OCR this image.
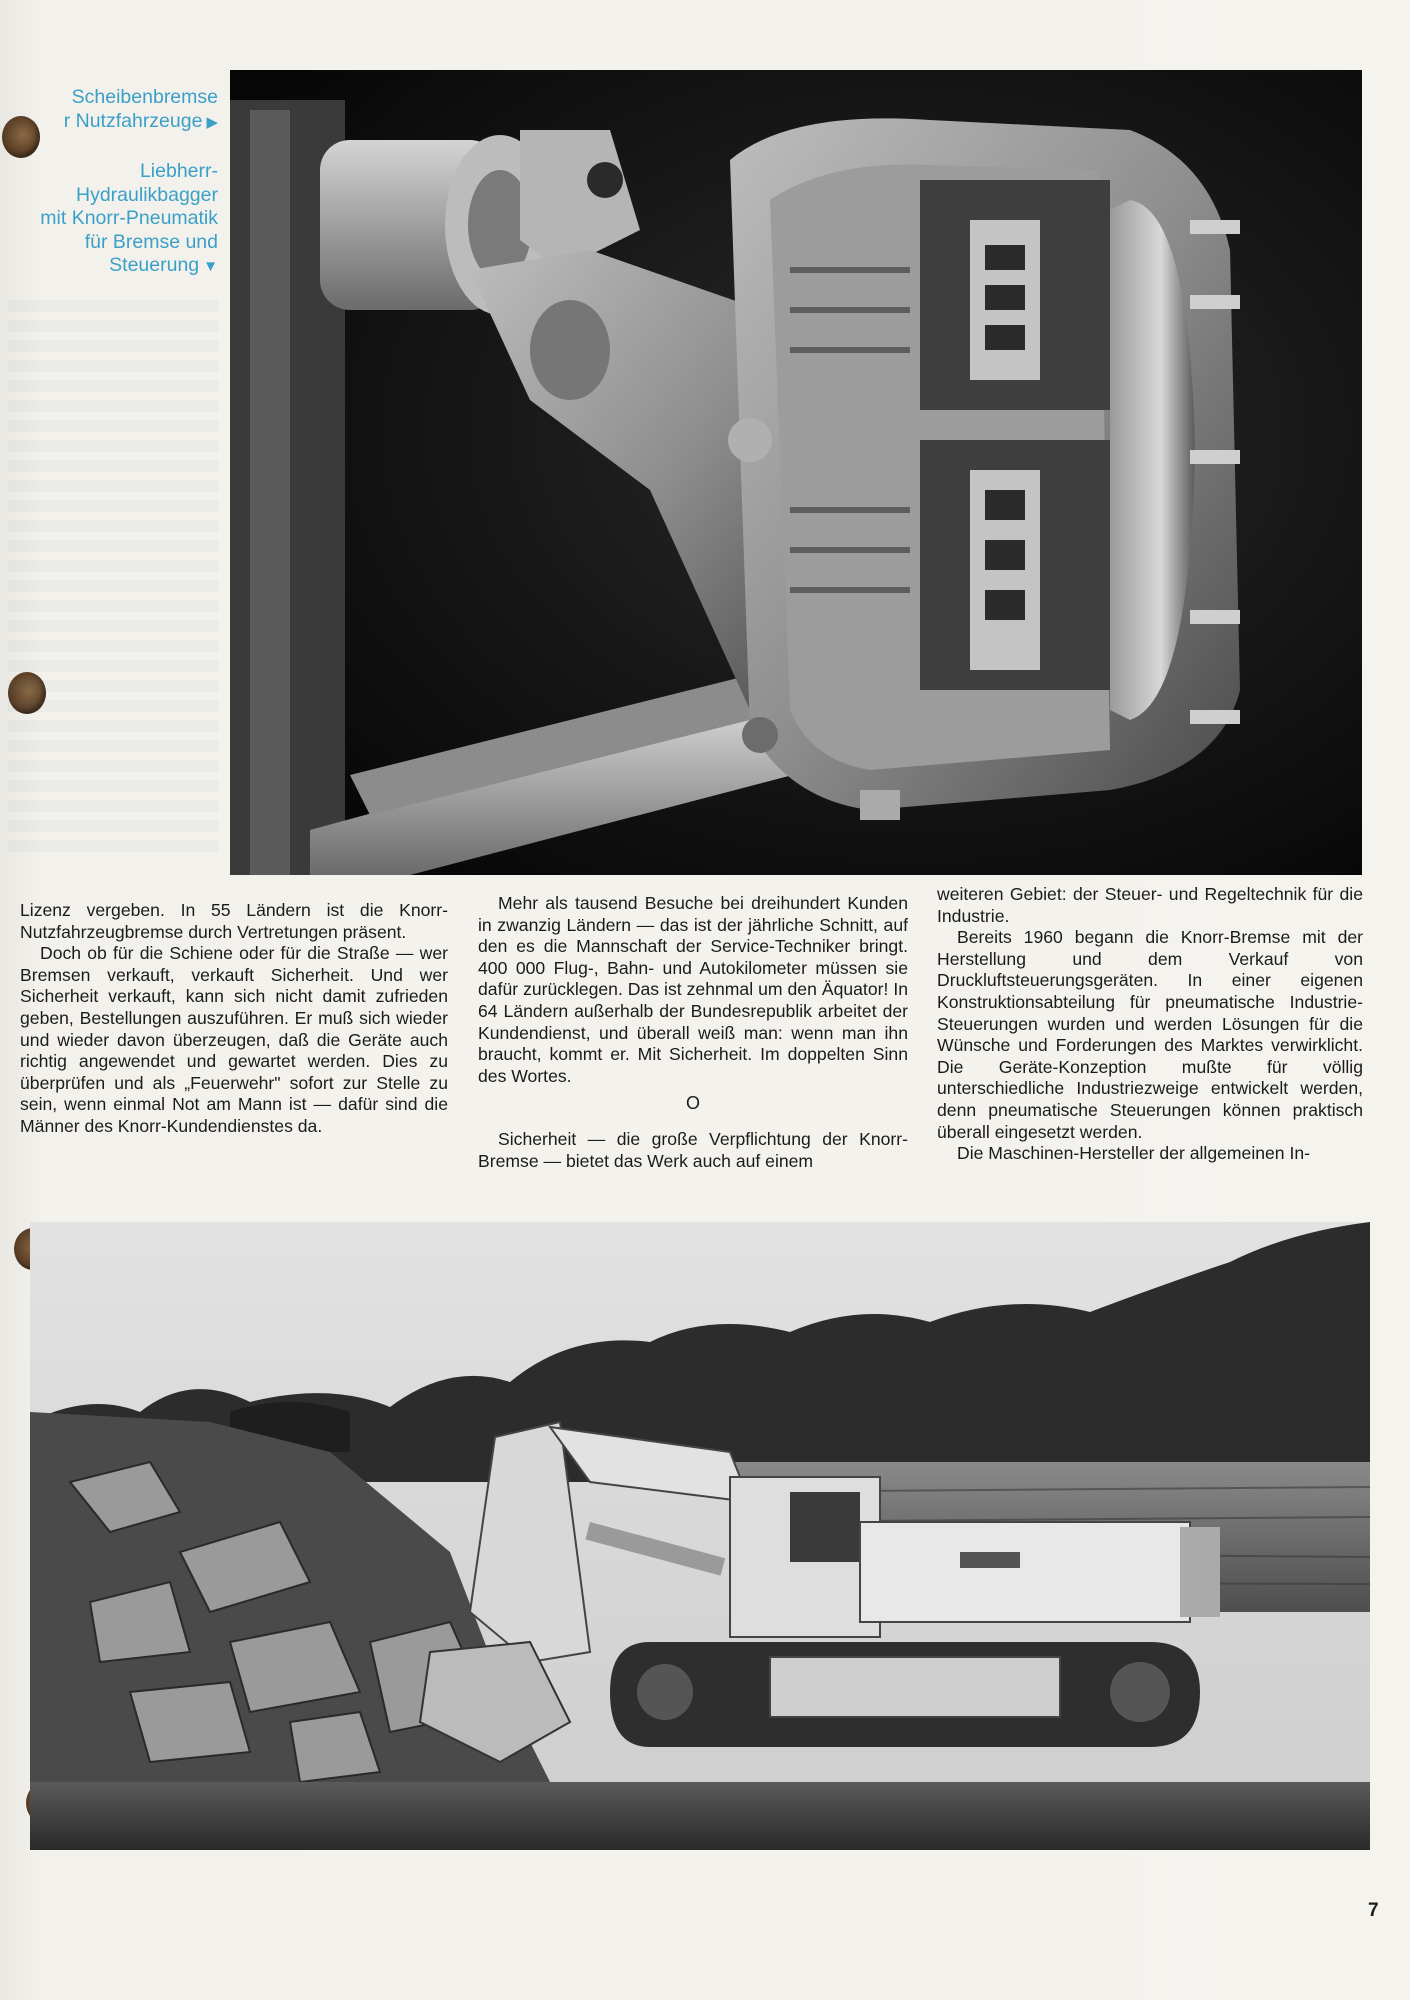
Scheibenbremse
r Nutzfahrzeuge ▶
Liebherr-
Hydraulikbagger
mit Knorr-Pneumatik
für Bremse und
Steuerung ▼

Lizenz vergeben. In 55 Ländern ist die Knorr-Nutzfahrzeugbremse durch Vertretungen präsent.

Doch ob für die Schiene oder für die Straße — wer Bremsen verkauft, verkauft Sicherheit. Und wer Sicherheit verkauft, kann sich nicht damit zufrieden geben, Bestellungen auszuführen. Er muß sich wieder und wieder davon überzeugen, daß die Geräte auch richtig angewendet und gewartet werden. Dies zu überprüfen und als „Feuerwehr" sofort zur Stelle zu sein, wenn einmal Not am Mann ist — dafür sind die Männer des Knorr-Kundendienstes da.

Mehr als tausend Besuche bei dreihundert Kunden in zwanzig Ländern — das ist der jährliche Schnitt, auf den es die Mannschaft der Service-Techniker bringt. 400 000 Flug-, Bahn- und Autokilometer müssen sie dafür zurücklegen. Das ist zehnmal um den Äquator! In 64 Ländern außerhalb der Bundesrepublik arbeitet der Kundendienst, und überall weiß man: wenn man ihn braucht, kommt er. Mit Sicherheit. Im doppelten Sinn des Wortes.

O

Sicherheit — die große Verpflichtung der Knorr-Bremse — bietet das Werk auch auf einem

weiteren Gebiet: der Steuer- und Regeltechnik für die Industrie.

Bereits 1960 begann die Knorr-Bremse mit der Herstellung und dem Verkauf von Druckluftsteuerungsgeräten. In einer eigenen Konstruktionsabteilung für pneumatische Industrie-Steuerungen wurden und werden Lösungen für die Wünsche und Forderungen des Marktes verwirklicht. Die Geräte-Konzeption mußte für völlig unterschiedliche Industriezweige entwickelt werden, denn pneumatische Steuerungen können praktisch überall eingesetzt werden.

Die Maschinen-Hersteller der allgemeinen In-

7
